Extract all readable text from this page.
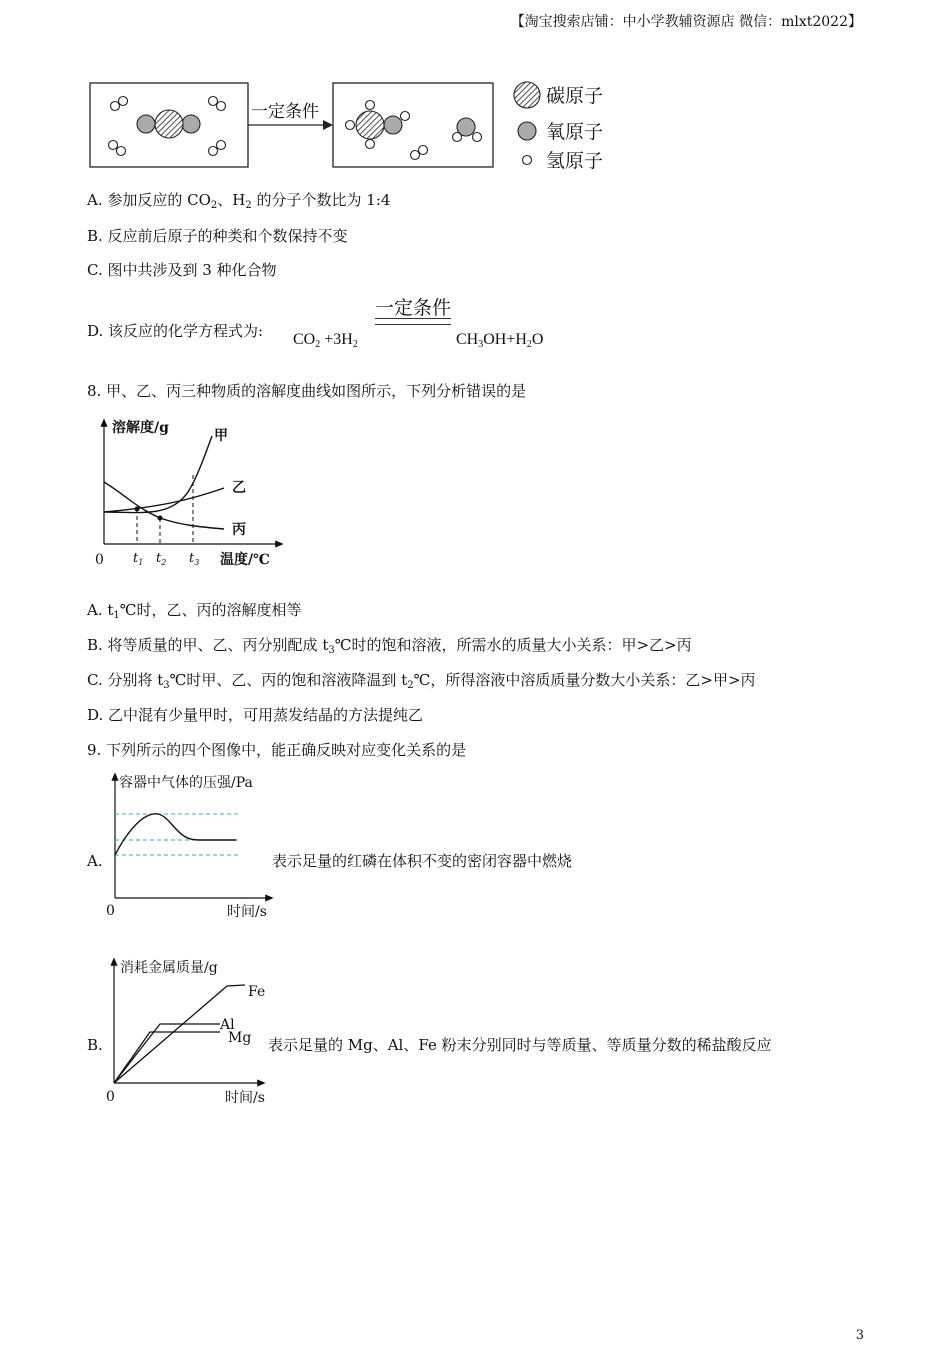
【淘宝搜索店铺：中小学教辅资源店 微信：mlxt2022】
3
一定条件
碳原子
氧原子
氢原子
A. 参加反应的 $CO_2$、$H_2$ 的分子个数比为 1:4
B. 反应前后原子的种类和个数保持不变
C. 图中共涉及到 3 种化合物
D. 该反应的化学方程式为:
一定条件
$CO_2 +3H_2$	$CH_3OH+H_2O$
8. 甲、乙、丙三种物质的溶解度曲线如图所示，下列分析错误的是
溶解度/g
温度/℃
0
甲
乙
丙
$t_1$ $t_2$ $t_3$
A. $t_1℃$时，乙、丙的溶解度相等
B. 将等质量的甲、乙、丙分别配成 $t_3℃$时的饱和溶液，所需水的质量大小关系：甲>乙>丙
C. 分别将 $t_3℃$时甲、乙、丙的饱和溶液降温到 $t_2℃$，所得溶液中溶质质量分数大小关系：乙>甲>丙
D. 乙中混有少量甲时，可用蒸发结晶的方法提纯乙
9. 下列所示的四个图像中，能正确反映对应变化关系的是
A.
容器中气体的压强/Pa
时间/s
0
表示足量的红磷在体积不变的密闭容器中燃烧
B.
消耗金属质量/g
时间/s
0
Fe
Al
Mg 表示足量的 Mg、Al、Fe 粉末分别同时与等质量、等质量分数的稀盐酸反应
